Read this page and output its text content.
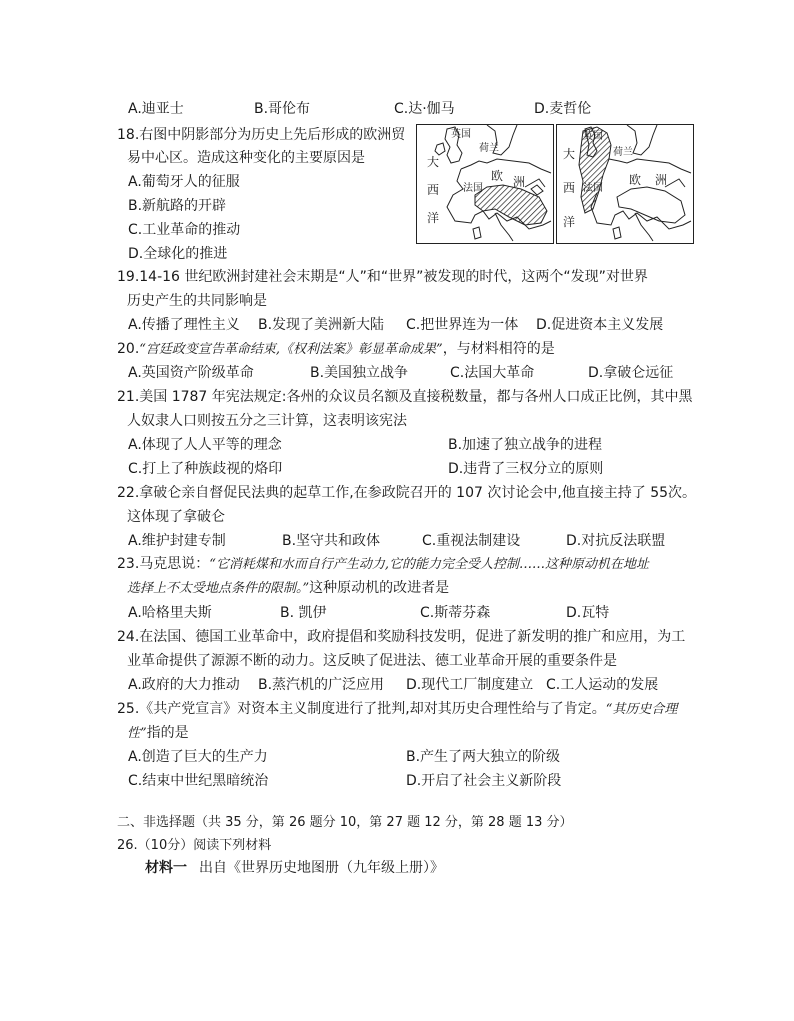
A.迪亚士	B.哥伦布	C.达·伽马	D.麦哲伦
18.右图中阴影部分为历史上先后形成的欧洲贸
易中心区。造成这种变化的主要原因是
A.葡萄牙人的征服
B.新航路的开辟
C.工业革命的推动
D.全球化的推进
英国
荷兰
法国
欧 洲
大
西
洋
英国
荷兰
法国
欧 洲
大
西
洋
19.14-16 世纪欧洲封建社会末期是“人”和“世界”被发现的时代，这两个“发现”对世界
历史产生的共同影响是
A.传播了理性主义 B.发现了美洲新大陆 C.把世界连为一体 D.促进资本主义发展
20.“宫廷政变宣告革命结束,《权利法案》彰显革命成果”，与材料相符的是
A.英国资产阶级革命	B.美国独立战争	C.法国大革命	D.拿破仑远征
21.美国 1787 年宪法规定:各州的众议员名额及直接税数量，都与各州人口成正比例，其中黑
人奴隶人口则按五分之三计算，这表明该宪法
A.体现了人人平等的理念	B.加速了独立战争的进程
C.打上了种族歧视的烙印	D.违背了三权分立的原则
22.拿破仑亲自督促民法典的起草工作,在参政院召开的 107 次讨论会中,他直接主持了 55次。
这体现了拿破仑
A.维护封建专制	B.坚守共和政体	C.重视法制建设	D.对抗反法联盟
23.马克思说：“它消耗煤和水而自行产生动力,它的能力完全受人控制……这种原动机在地址
选择上不太受地点条件的限制。”这种原动机的改进者是
A.哈格里夫斯	B. 凯伊	C.斯蒂芬森	D.瓦特
24.在法国、德国工业革命中，政府提倡和奖励科技发明，促进了新发明的推广和应用，为工
业革命提供了源源不断的动力。这反映了促进法、德工业革命开展的重要条件是
A.政府的大力推动 B.蒸汽机的广泛应用 D.现代工厂制度建立 C.工人运动的发展
25.《共产党宣言》对资本主义制度进行了批判,却对其历史合理性给与了肯定。“其历史合理
性”指的是
A.创造了巨大的生产力	B.产生了两大独立的阶级
C.结束中世纪黑暗统治	D.开启了社会主义新阶段
二、非选择题（共 35 分，第 26 题分 10，第 27 题 12 分，第 28 题 13 分）
26.（10分）阅读下列材料
材料一 出自《世界历史地图册（九年级上册）》
